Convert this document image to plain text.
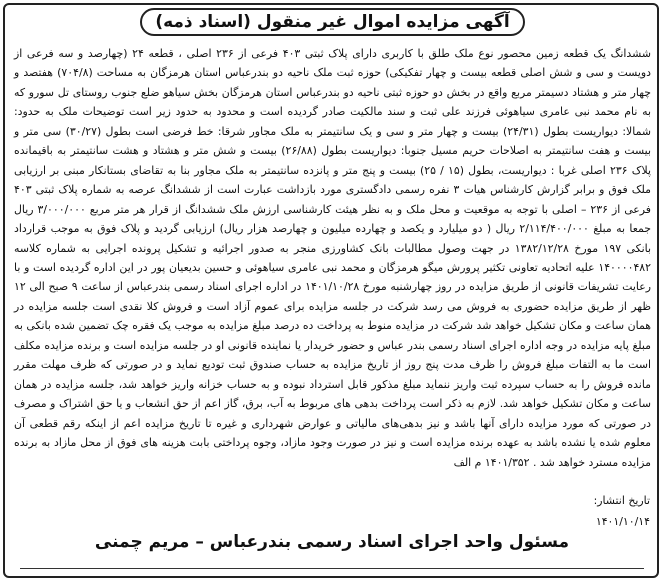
آگهی مزایده اموال غیر منقول (اسناد ذمه)

ششدانگ یک قطعه زمین محصور نوع ملک طلق با کاربری دارای پلاک ثبتی ۴۰۳ فرعی از ۲۳۶ اصلی ، قطعه ۲۴ (چهارصد و سه فرعی از دویست و سی و شش اصلی قطعه بیست و چهار تفکیکی) حوزه ثبت ملک ناحیه دو بندرعباس استان هرمزگان به مساحت (۷۰۴/۸) هفتصد و چهار متر و هشتاد دسیمتر مربع واقع در بخش دو حوزه ثبتی ناحیه دو بندرعباس استان هرمزگان بخش سیاهو ضلع جنوب روستای تل سورو که به نام محمد نبی عامری سیاهوئی فرزند علی ثبت و سند مالکیت صادر گردیده است و محدود به حدود زیر است توضیحات ملک به حدود: شمالا: دیواریست بطول (۲۴/۳۱) بیست و چهار متر و سی و یک سانتیمتر به ملک مجاور شرقا: خط فرضی است بطول (۳۰/۲۷) سی متر و بیست و هفت سانتیمتر به اصلاحات حریم مسیل جنوبا: دیواریست بطول (۲۶/۸۸) بیست و شش متر و هشتاد و هشت سانتیمتر به باقیمانده پلاک ۲۳۶ اصلی غربا : دیواریست، بطول (۱۵ / ۲۵) بیست و پنج متر و پانزده سانتیمتر به ملک مجاور بنا به تقاضای بستانکار مبنی بر ارزیابی ملک فوق و برابر گزارش کارشناس هیات ۳ نفره رسمی دادگستری مورد بازداشت عبارت است از ششدانگ عرصه به شماره پلاک ثبتی ۴۰۳ فرعی از ۲۳۶ – اصلی با توجه به موقعیت و محل ملک و به نظر هیئت کارشناسی ارزش ملک ششدانگ از قرار هر متر مربع ۳/۰۰۰/۰۰۰ ریال جمعا به مبلغ ۲/۱۱۴/۴۰۰/۰۰۰ ریال ( دو میلیارد و یکصد و چهارده میلیون و چهارصد هزار ریال) ارزیابی گردید و پلاک فوق به موجب قرارداد بانکی ۱۹۷ مورخ ۱۳۸۲/۱۲/۲۸ در جهت وصول مطالبات بانک کشاورزی منجر به صدور اجرائیه و تشکیل پرونده اجرایی به شماره کلاسه ۱۴۰۰۰۰۴۸۲ علیه اتحادیه تعاونی تکثیر پرورش میگو هرمزگان و محمد نبی عامری سیاهوئی و حسین بدیعیان پور در این اداره گردیده است و با رعایت تشریفات قانونی از طریق مزایده در روز چهارشنبه مورخ ۱۴۰۱/۱۰/۲۸ در اداره اجرای اسناد رسمی بندرعباس از ساعت ۹ صبح الی ۱۲ ظهر از طریق مزایده حضوری به فروش می رسد شرکت در جلسه مزایده برای عموم آزاد است و فروش کلا نقدی است جلسه مزایده در همان ساعت و مکان تشکیل خواهد شد شرکت در مزایده منوط به پرداخت ده درصد مبلغ مزایده به موجب یک فقره چک تضمین شده بانکی به مبلغ پایه مزایده در وجه اداره اجرای اسناد رسمی بندر عباس و حضور خریدار یا نماینده قانونی او در جلسه مزایده است و برنده مزایده مکلف است ما به التفات مبلغ فروش را ظرف مدت پنج روز از تاریخ مزایده به حساب صندوق ثبت تودیع نماید و در صورتی که ظرف مهلت مقرر مانده فروش را به حساب سپرده ثبت واریز ننماید مبلغ مذکور قابل استرداد نبوده و به حساب خزانه واریز خواهد شد، جلسه مزایده در همان ساعت و مکان تشکیل خواهد شد. لازم به ذکر است پرداخت بدهی های مربوط به آب، برق، گاز اعم از حق انشعاب و یا حق اشتراک و مصرف در صورتی که مورد مزایده دارای آنها باشد و نیز بدهی‌های مالیاتی و عوارض شهرداری و غیره تا تاریخ مزایده اعم از اینکه رقم قطعی آن معلوم شده یا نشده باشد به عهده برنده مزایده است و نیز در صورت وجود مازاد، وجوه پرداختی بابت هزینه های فوق از محل مازاد به برنده مزایده مسترد خواهد شد . ۱۴۰۱/۳۵۲ م الف

تاریخ انتشار:
۱۴۰۱/۱۰/۱۴
مسئول واحد اجرای اسناد رسمی بندرعباس – مریم چمنی
